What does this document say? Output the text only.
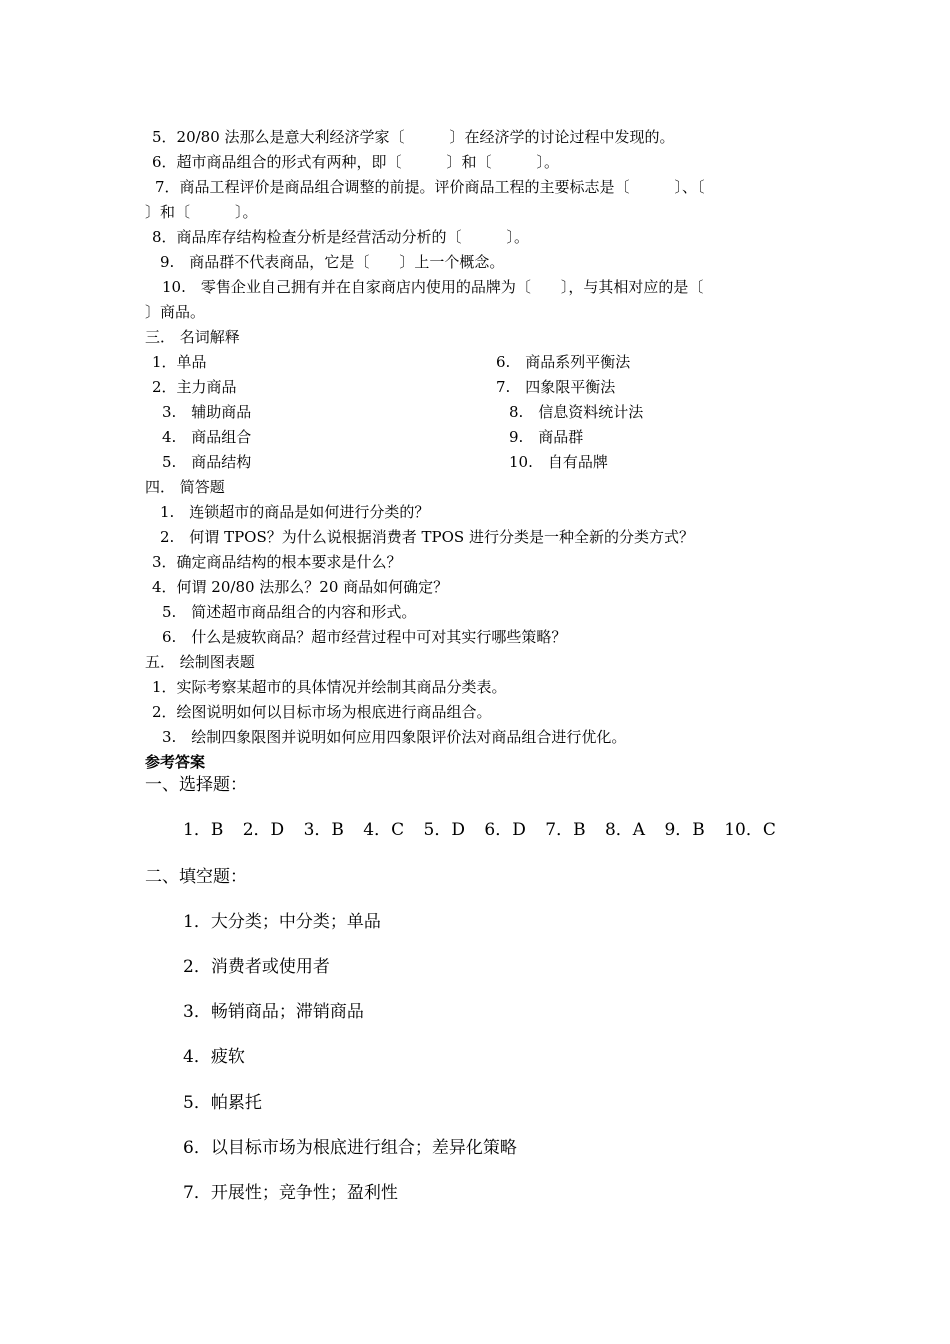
5．20/80 法那么是意大利经济学家〔　　　〕在经济学的讨论过程中发现的。
6．超市商品组合的形式有两种，即〔　　　〕和〔　　　〕。
7．商品工程评价是商品组合调整的前提。评价商品工程的主要标志是〔　　　〕、〔
〕和〔　　　〕。
8．商品库存结构检查分析是经营活动分析的〔　　　〕。
9.　商品群不代表商品，它是〔　　〕上一个概念。
10.　零售企业自己拥有并在自家商店内使用的品牌为〔　　〕，与其相对应的是〔
〕商品。
三． 名词解释
1．单品
2．主力商品
3.　辅助商品
4.　商品组合
5.　商品结构
6.　商品系列平衡法
7.　四象限平衡法
8.　信息资料统计法
9.　商品群
10.　自有品牌
四． 简答题
1.　连锁超市的商品是如何进行分类的？
2.　何谓 TPOS？为什么说根据消费者 TPOS 进行分类是一种全新的分类方式？
3．确定商品结构的根本要求是什么？
4．何谓 20/80 法那么？20 商品如何确定？
5.　简述超市商品组合的内容和形式。
6.　什么是疲软商品？超市经营过程中可对其实行哪些策略？
五． 绘制图表题
1．实际考察某超市的具体情况并绘制其商品分类表。
2．绘图说明如何以目标市场为根底进行商品组合。
3.　绘制四象限图并说明如何应用四象限评价法对商品组合进行优化。
参考答案
一、选择题：
1．B 2．D 3．B 4．C 5．D 6．D 7．B 8．A 9．B 10．C
二、填空题：
1．大分类；中分类；单品
2．消费者或使用者
3．畅销商品；滞销商品
4．疲软
5．帕累托
6．以目标市场为根底进行组合；差异化策略
7．开展性；竞争性；盈利性
